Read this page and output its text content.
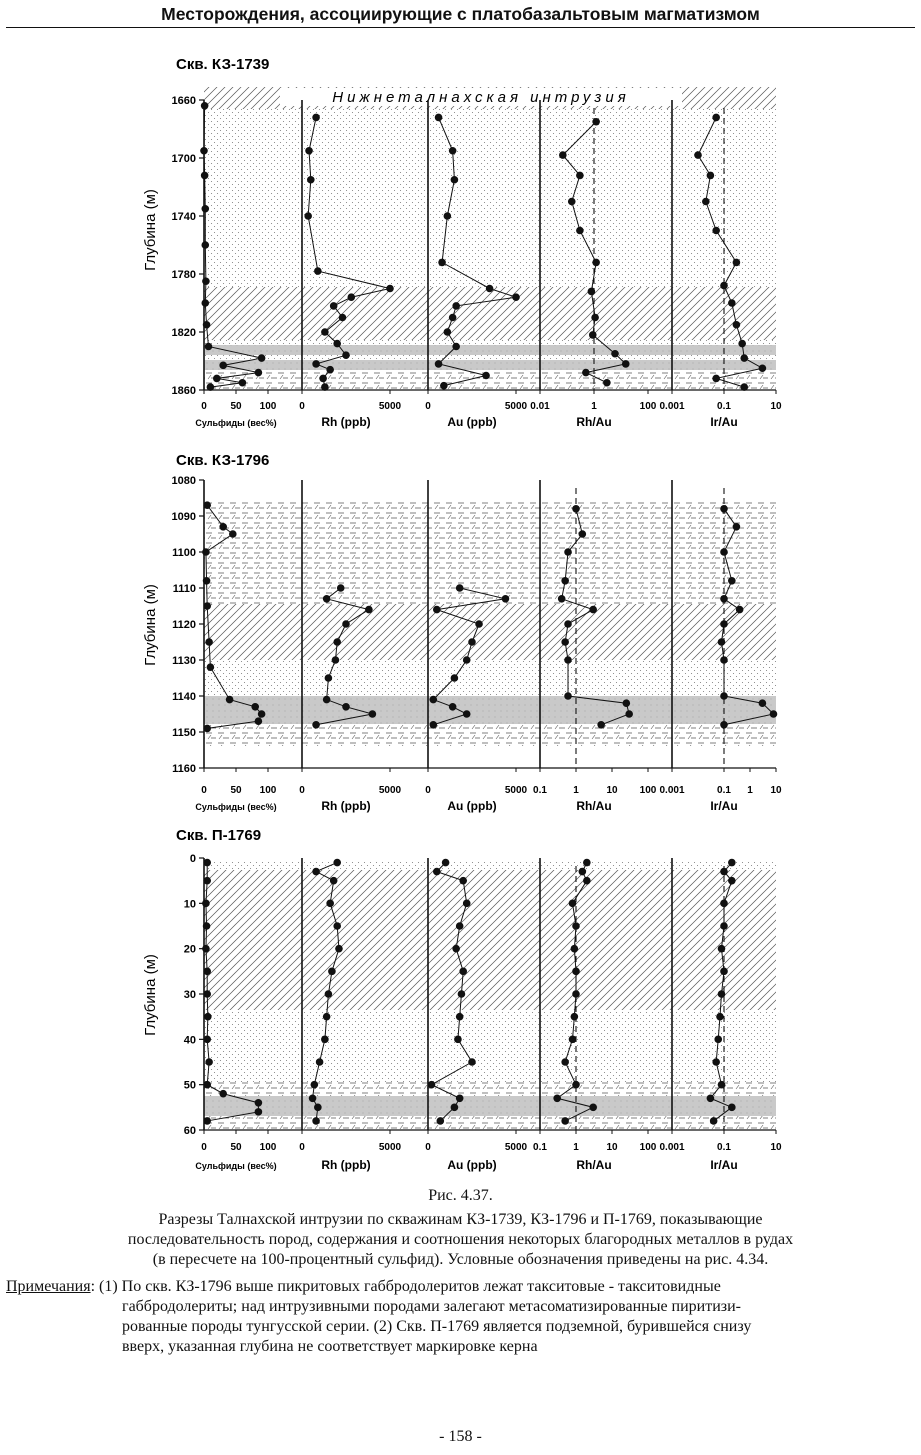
Месторождения, ассоциирующие с платобазальтовым магматизмом
Скв. КЗ-1739
Нижнеталнахская интрузия
1660
1700
1740
1780
1820
1860
0 50 100
Сульфиды (вес%)
0	5000
Rh (ppb)
0	5000
Au (ppb)
0.01	1	100
Rh/Au
0.001	0.1	10
Ir/Au
Скв. КЗ-1796
1080
1090
1100
1110
1120
1130
1140
1150
1160
0 50 100
Сульфиды (вес%)
0	5000
Rh (ppb)
0	5000
Au (ppb)
0.1	1	10 100
Rh/Au
0.001	0.1 1 10
Ir/Au
Скв. П-1769
0
10
20
30
40
50
60
0 50 100
Сульфиды (вес%)
0	5000
Rh (ppb)
0	5000
Au (ppb)
0.1	1	10 100
Rh/Au
0.001	0.1	10
Ir/Au
Глубина (м)
Глубина (м)
Глубина (м)
Рис. 4.37.
Разрезы Талнахской интрузии по скважинам КЗ-1739, КЗ-1796 и П-1769, показывающие
последовательность пород, содержания и соотношения некоторых благородных металлов в рудах
(в пересчете на 100-процентный сульфид). Условные обозначения приведены на рис. 4.34.
Примечания: (1) По скв. КЗ-1796 выше пикритовых габбродолеритов лежат такситовые - такситовидные
габбродолериты; над интрузивными породами залегают метасоматизированные пиритизи-
рованные породы тунгусской серии. (2) Скв. П-1769 является подземной, бурившейся снизу
вверх, указанная глубина не соответствует маркировке керна
- 158 -
